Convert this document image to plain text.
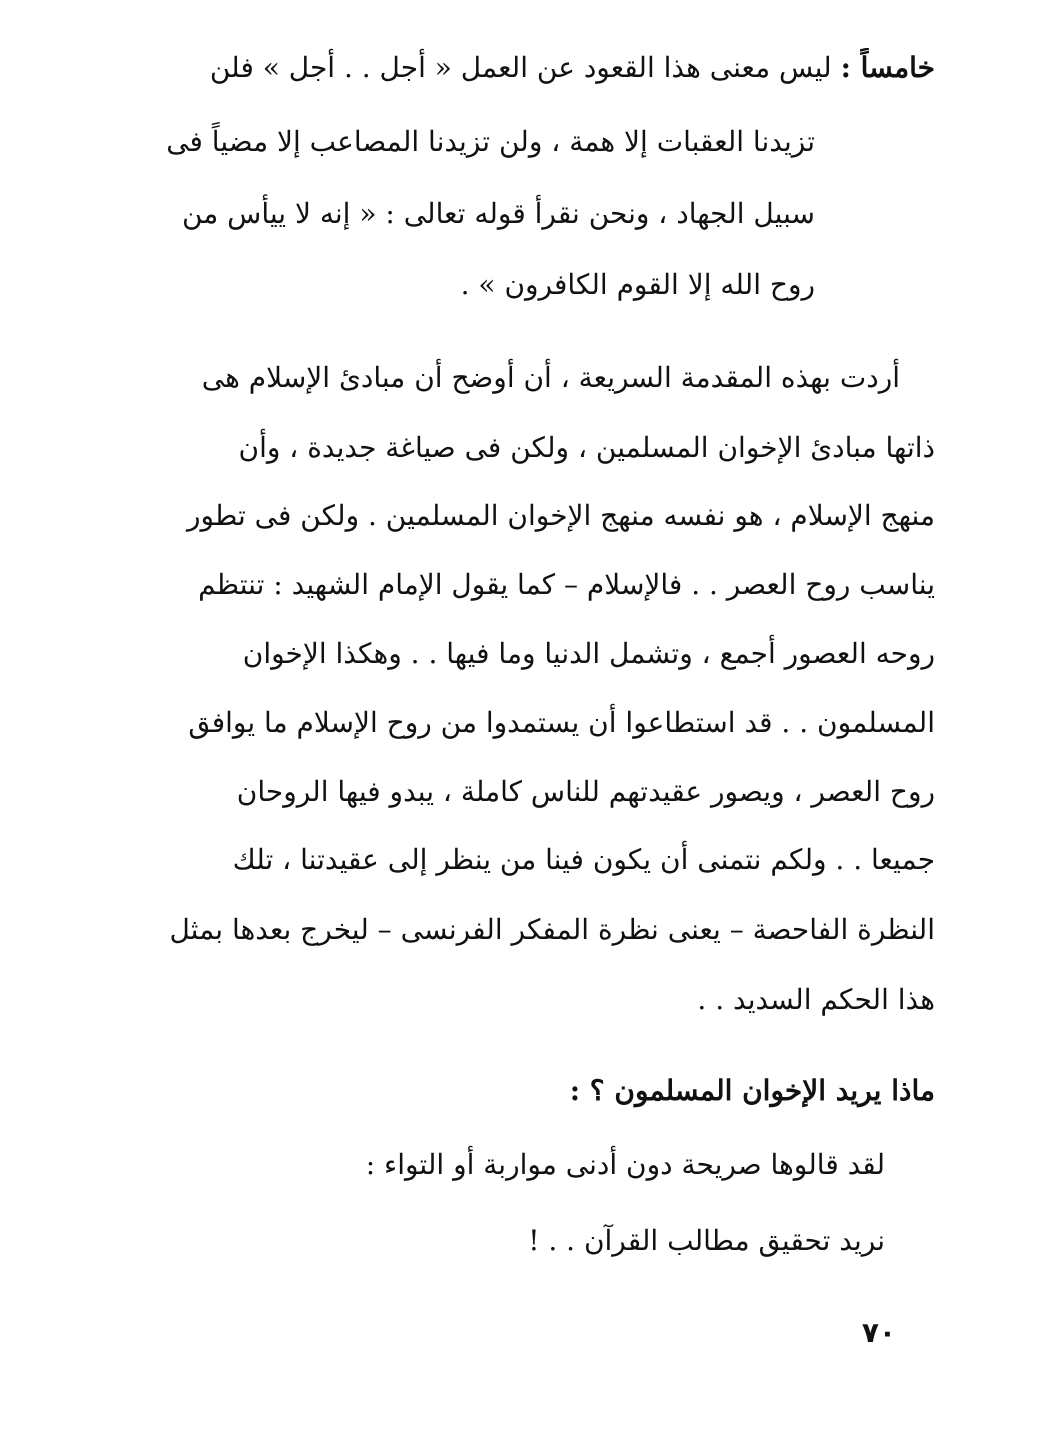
خامساً : ليس معنى هذا القعود عن العمل « أجل . . أجل » فلن
تزيدنا العقبات إلا همة ، ولن تزيدنا المصاعب إلا مضياً فى
سبيل الجهاد ، ونحن نقرأ قوله تعالى : « إنه لا ييأس من
روح الله إلا القوم الكافرون » .
أردت بهذه المقدمة السريعة ، أن أوضح أن مبادئ الإسلام هى
ذاتها مبادئ الإخوان المسلمين ، ولكن فى صياغة جديدة ، وأن
منهج الإسلام ، هو نفسه منهج الإخوان المسلمين . ولكن فى تطور
يناسب روح العصر . . فالإسلام – كما يقول الإمام الشهيد : تنتظم
روحه العصور أجمع ، وتشمل الدنيا وما فيها . . وهكذا الإخوان
المسلمون . . قد استطاعوا أن يستمدوا من روح الإسلام ما يوافق
روح العصر ، ويصور عقيدتهم للناس كاملة ، يبدو فيها الروحان
جميعا . . ولكم نتمنى أن يكون فينا من ينظر إلى عقيدتنا ، تلك
النظرة الفاحصة – يعنى نظرة المفكر الفرنسى – ليخرج بعدها بمثل
هذا الحكم السديد . .
ماذا يريد الإخوان المسلمون ؟ :
لقد قالوها صريحة دون أدنى مواربة أو التواء :
نريد تحقيق مطالب القرآن . . !
٧٠
